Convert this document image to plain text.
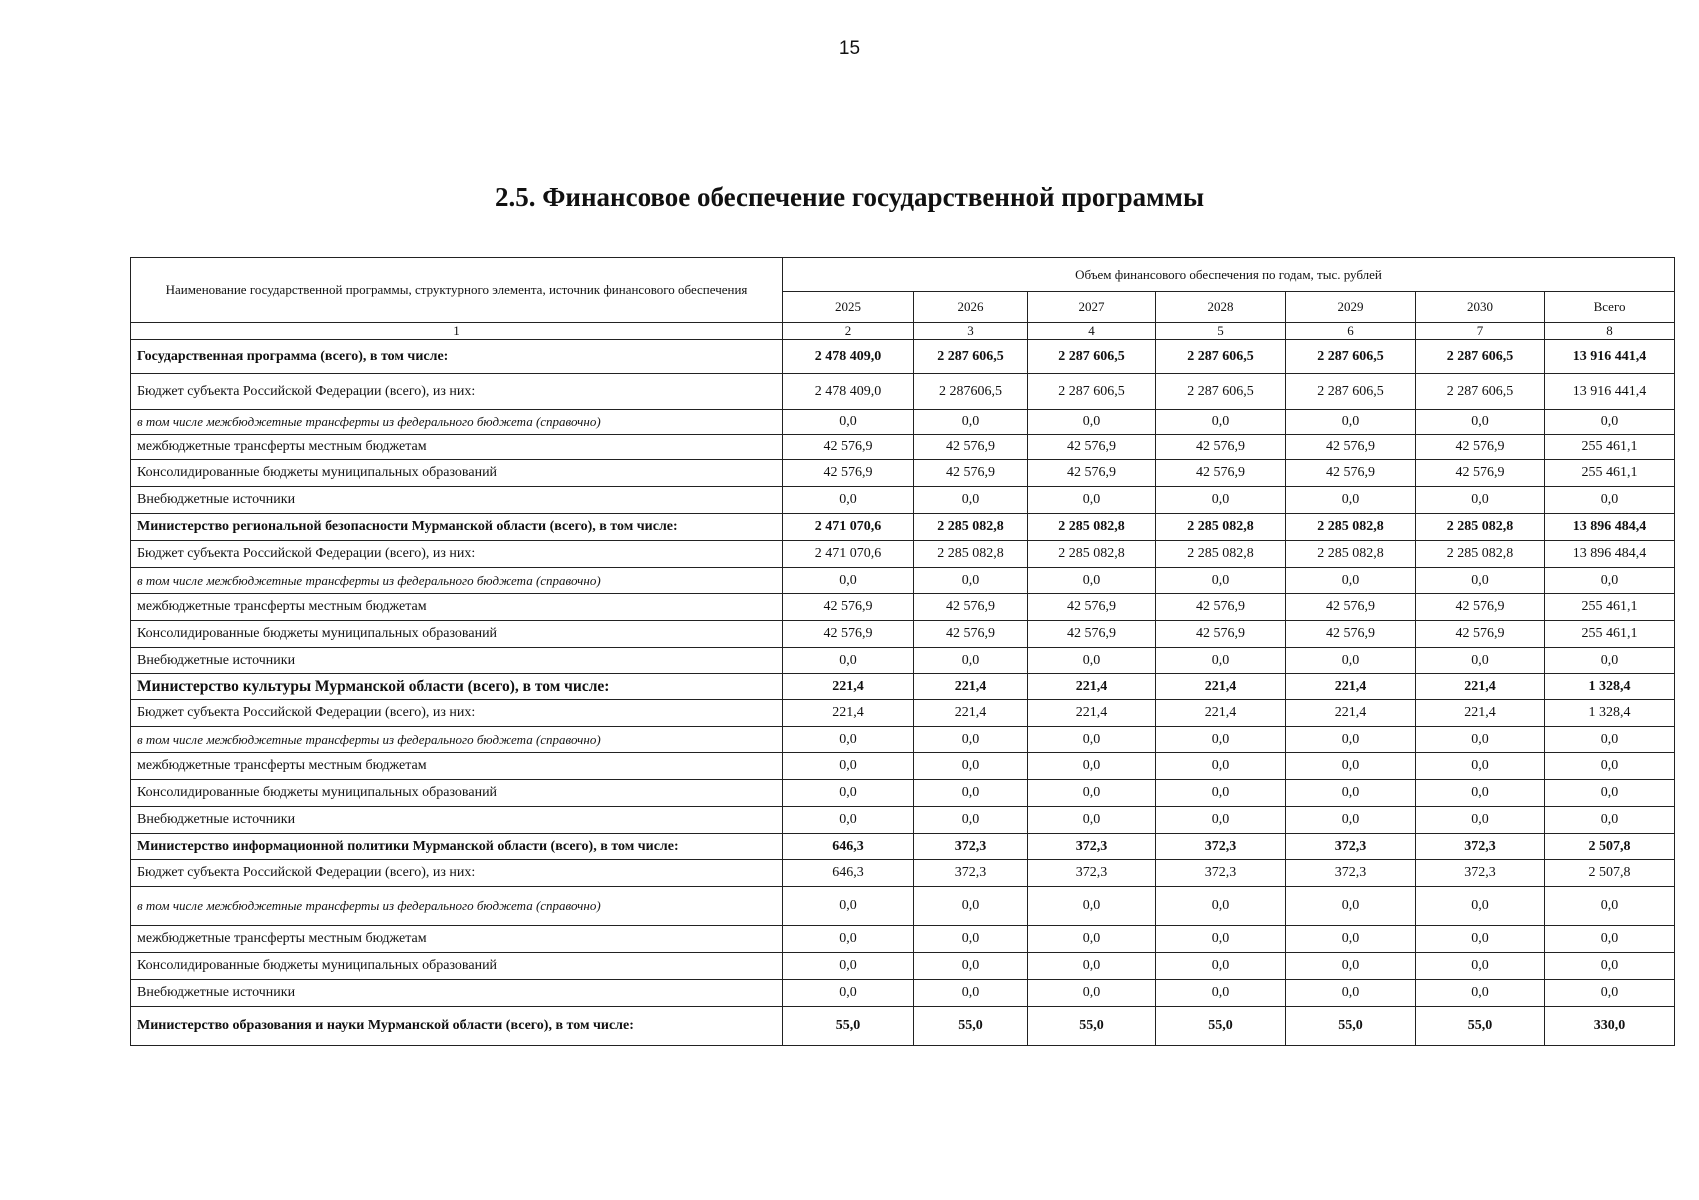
15
2.5. Финансовое обеспечение государственной программы
Наименование государственной программы, структурного элемента, источник финансового обеспечения	Объем финансового обеспечения по годам, тыс. рублей						
	2025	2026	2027	2028	2029	2030	Всего
1	2	3	4	5	6	7	8
Государственная программа (всего), в том числе:	2 478 409,0	2 287 606,5	2 287 606,5	2 287 606,5	2 287 606,5	2 287 606,5	13 916 441,4
Бюджет субъекта Российской Федерации (всего), из них:	2 478 409,0	2 287606,5	2 287 606,5	2 287 606,5	2 287 606,5	2 287 606,5	13 916 441,4
в том числе межбюджетные трансферты из федерального бюджета (справочно)	0,0	0,0	0,0	0,0	0,0	0,0	0,0
межбюджетные трансферты местным бюджетам	42 576,9	42 576,9	42 576,9	42 576,9	42 576,9	42 576,9	255 461,1
Консолидированные бюджеты муниципальных образований	42 576,9	42 576,9	42 576,9	42 576,9	42 576,9	42 576,9	255 461,1
Внебюджетные источники	0,0	0,0	0,0	0,0	0,0	0,0	0,0
Министерство региональной безопасности Мурманской области (всего), в том числе:	2 471 070,6	2 285 082,8	2 285 082,8	2 285 082,8	2 285 082,8	2 285 082,8	13 896 484,4
Бюджет субъекта Российской Федерации (всего), из них:	2 471 070,6	2 285 082,8	2 285 082,8	2 285 082,8	2 285 082,8	2 285 082,8	13 896 484,4
в том числе межбюджетные трансферты из федерального бюджета (справочно)	0,0	0,0	0,0	0,0	0,0	0,0	0,0
межбюджетные трансферты местным бюджетам	42 576,9	42 576,9	42 576,9	42 576,9	42 576,9	42 576,9	255 461,1
Консолидированные бюджеты муниципальных образований	42 576,9	42 576,9	42 576,9	42 576,9	42 576,9	42 576,9	255 461,1
Внебюджетные источники	0,0	0,0	0,0	0,0	0,0	0,0	0,0
Министерство культуры Мурманской области (всего), в том числе:	221,4	221,4	221,4	221,4	221,4	221,4	1 328,4
Бюджет субъекта Российской Федерации (всего), из них:	221,4	221,4	221,4	221,4	221,4	221,4	1 328,4
в том числе межбюджетные трансферты из федерального бюджета (справочно)	0,0	0,0	0,0	0,0	0,0	0,0	0,0
межбюджетные трансферты местным бюджетам	0,0	0,0	0,0	0,0	0,0	0,0	0,0
Консолидированные бюджеты муниципальных образований	0,0	0,0	0,0	0,0	0,0	0,0	0,0
Внебюджетные источники	0,0	0,0	0,0	0,0	0,0	0,0	0,0
Министерство информационной политики Мурманской области (всего), в том числе:	646,3	372,3	372,3	372,3	372,3	372,3	2 507,8
Бюджет субъекта Российской Федерации (всего), из них:	646,3	372,3	372,3	372,3	372,3	372,3	2 507,8
в том числе межбюджетные трансферты из федерального бюджета (справочно)	0,0	0,0	0,0	0,0	0,0	0,0	0,0
межбюджетные трансферты местным бюджетам	0,0	0,0	0,0	0,0	0,0	0,0	0,0
Консолидированные бюджеты муниципальных образований	0,0	0,0	0,0	0,0	0,0	0,0	0,0
Внебюджетные источники	0,0	0,0	0,0	0,0	0,0	0,0	0,0
Министерство образования и науки Мурманской области (всего), в том числе:	55,0	55,0	55,0	55,0	55,0	55,0	330,0
